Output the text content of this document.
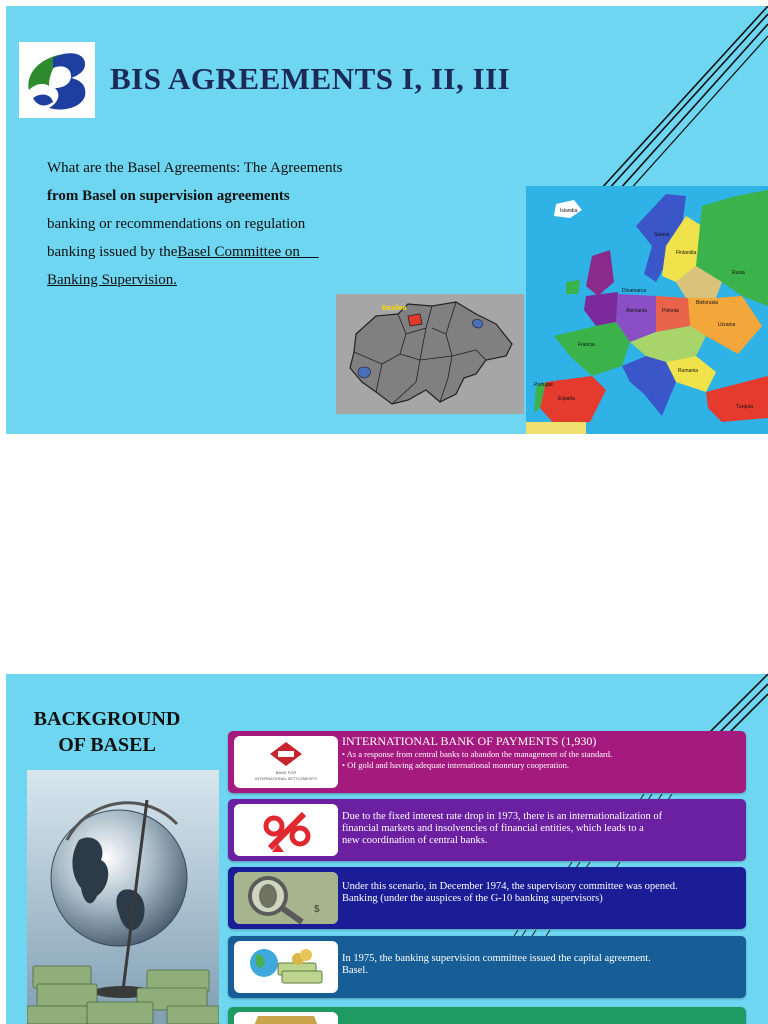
BIS AGREEMENTS I, II, III
What are the Basel Agreements: The Agreements
from Basel on supervision agreements
banking or recommendations on regulation
banking issued by theBasel Committee on
Banking Supervision.
Basilea
Islandia
Suecia
Finlandia
Rusia
Dinamarca
Alemania	Polonia
Bielorusia
Ucrania
Francia
Rumania
Portugal
España
Turquía
BACKGROUND OF BASEL
BANK FOR
INTERNATIONAL SETTLEMENTS
INTERNATIONAL BANK OF PAYMENTS (1,930)
• As a response from central banks to abandon the management of the standard.
• Of gold and having adequate international monetary cooperation.
Due to the fixed interest rate drop in 1973, there is an internationalization of
financial markets and insolvencies of financial entities, which leads to a
new coordination of central banks.
$
Under this scenario, in December 1974, the supervisory committee was opened.
Banking (under the auspices of the G-10 banking supervisors)
In 1975, the banking supervision committee issued the capital agreement.
Basel.
